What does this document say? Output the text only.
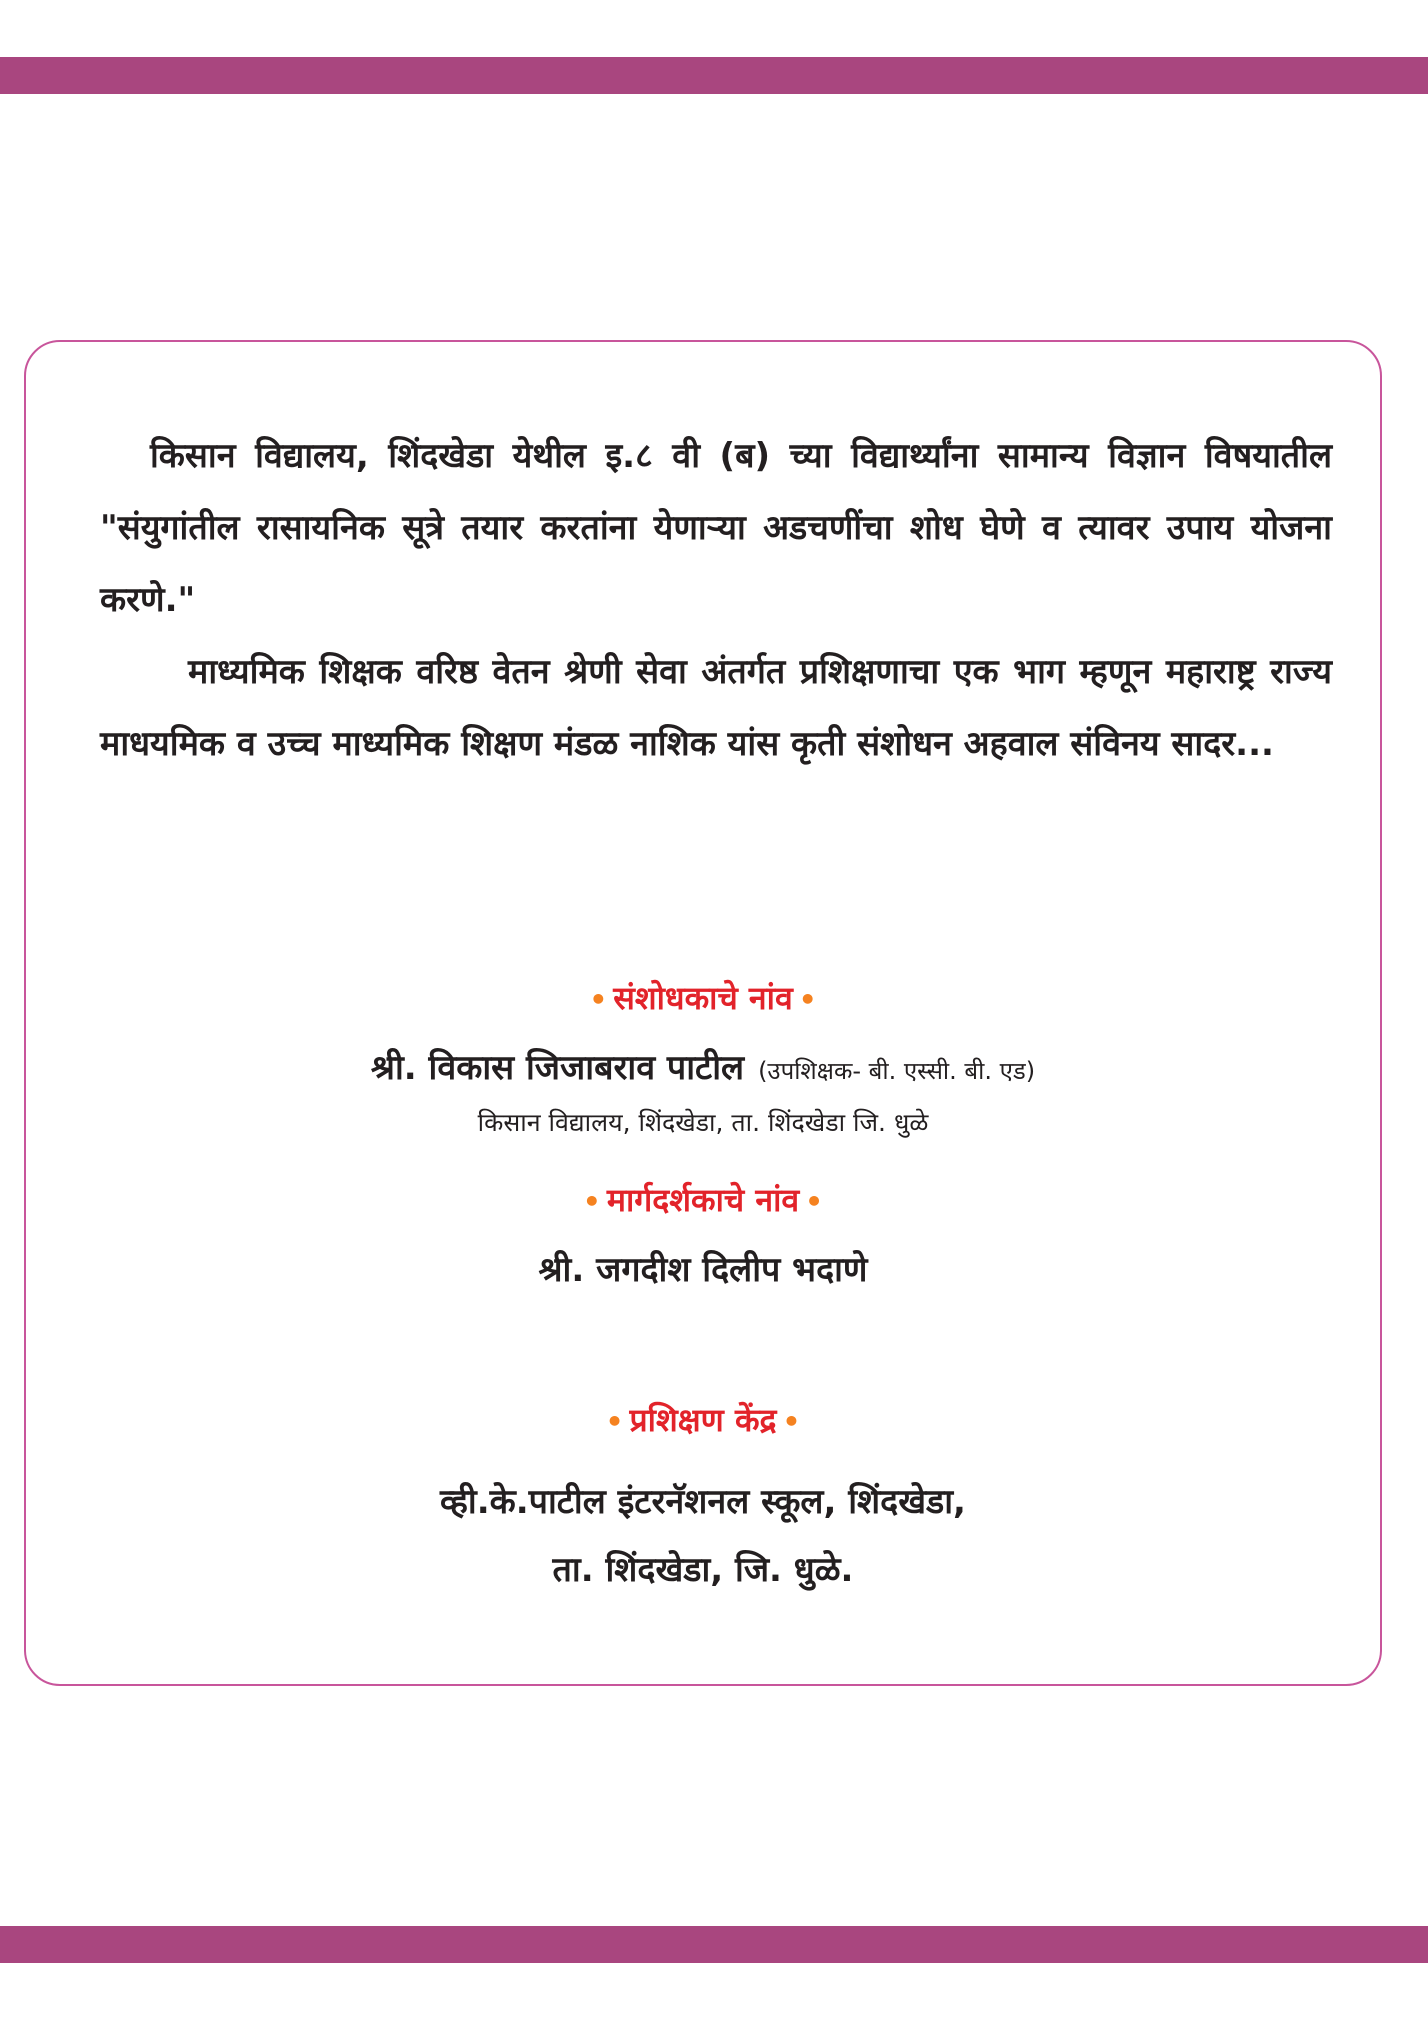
किसान विद्यालय, शिंदखेडा येथील इ.८ वी (ब) च्या विद्यार्थ्यांना सामान्य विज्ञान विषयातील "संयुगांतील रासायनिक सूत्रे तयार करतांना येणाऱ्या अडचणींचा शोध घेणे व त्यावर उपाय योजना करणे."

माध्यमिक शिक्षक वरिष्ठ वेतन श्रेणी सेवा अंतर्गत प्रशिक्षणाचा एक भाग म्हणून महाराष्ट्र राज्य माधयमिक व उच्च माध्यमिक शिक्षण मंडळ नाशिक यांस कृती संशोधन अहवाल संविनय सादर...

• संशोधकाचे नांव •
श्री. विकास जिजाबराव पाटील (उपशिक्षक- बी. एस्सी. बी. एड)
किसान विद्यालय, शिंदखेडा, ता. शिंदखेडा जि. धुळे
• मार्गदर्शकाचे नांव •
श्री. जगदीश दिलीप भदाणे
• प्रशिक्षण केंद्र •
व्ही.के.पाटील इंटरनॅशनल स्कूल, शिंदखेडा,
ता. शिंदखेडा, जि. धुळे.
